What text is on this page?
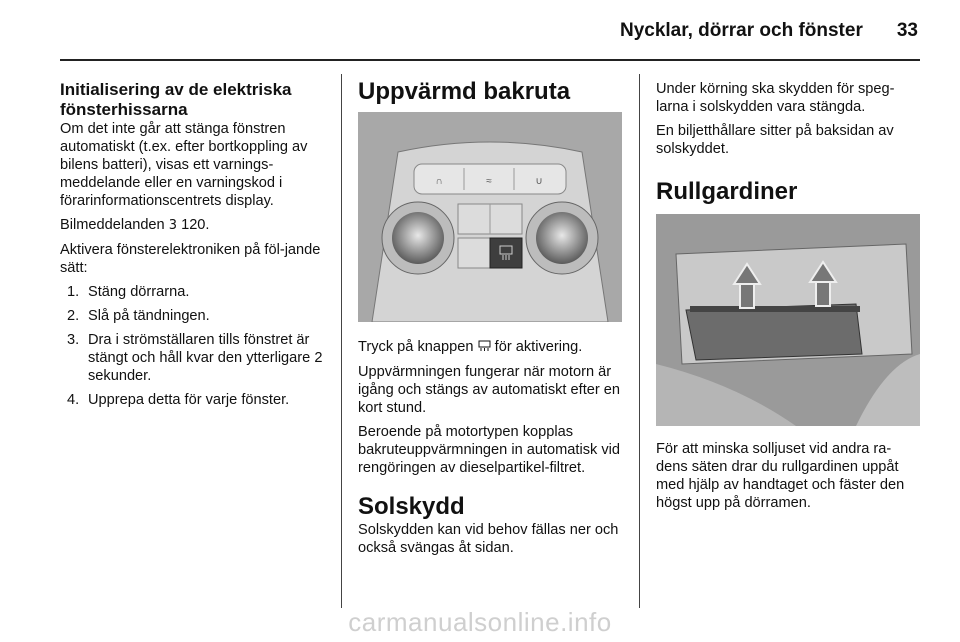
Nycklar, dörrar och fönster 33
Initialisering av de elektriska fönsterhissarna

Om det inte går att stänga fönstren automatiskt (t.ex. efter bortkoppling av bilens batteri), visas ett varnings-meddelande eller en varningskod i förarinformationscentrets display.

Bilmeddelanden 3 120.

Aktivera fönsterelektroniken på föl-jande sätt:

1. Stäng dörrarna.
2. Slå på tändningen.
3. Dra i strömställaren tills fönstret är stängt och håll kvar den ytterligare 2 sekunder.
4. Upprepa detta för varje fönster.
Uppvärmd bakruta
∩	≈	∪

Tryck på knappen för aktivering.

Uppvärmningen fungerar när motorn är igång och stängs av automatiskt efter en kort stund.

Beroende på motortypen kopplas bakruteuppvärmningen in automatisk vid rengöringen av dieselpartikel-filtret.

Solskydd

Solskydden kan vid behov fällas ner och också svängas åt sidan.

Under körning ska skydden för speg-larna i solskydden vara stängda.

En biljetthållare sitter på baksidan av solskyddet.

Rullgardiner

För att minska solljuset vid andra ra-dens säten drar du rullgardinen uppåt med hjälp av handtaget och fäster den högst upp på dörramen.

carmanualsonline.info
